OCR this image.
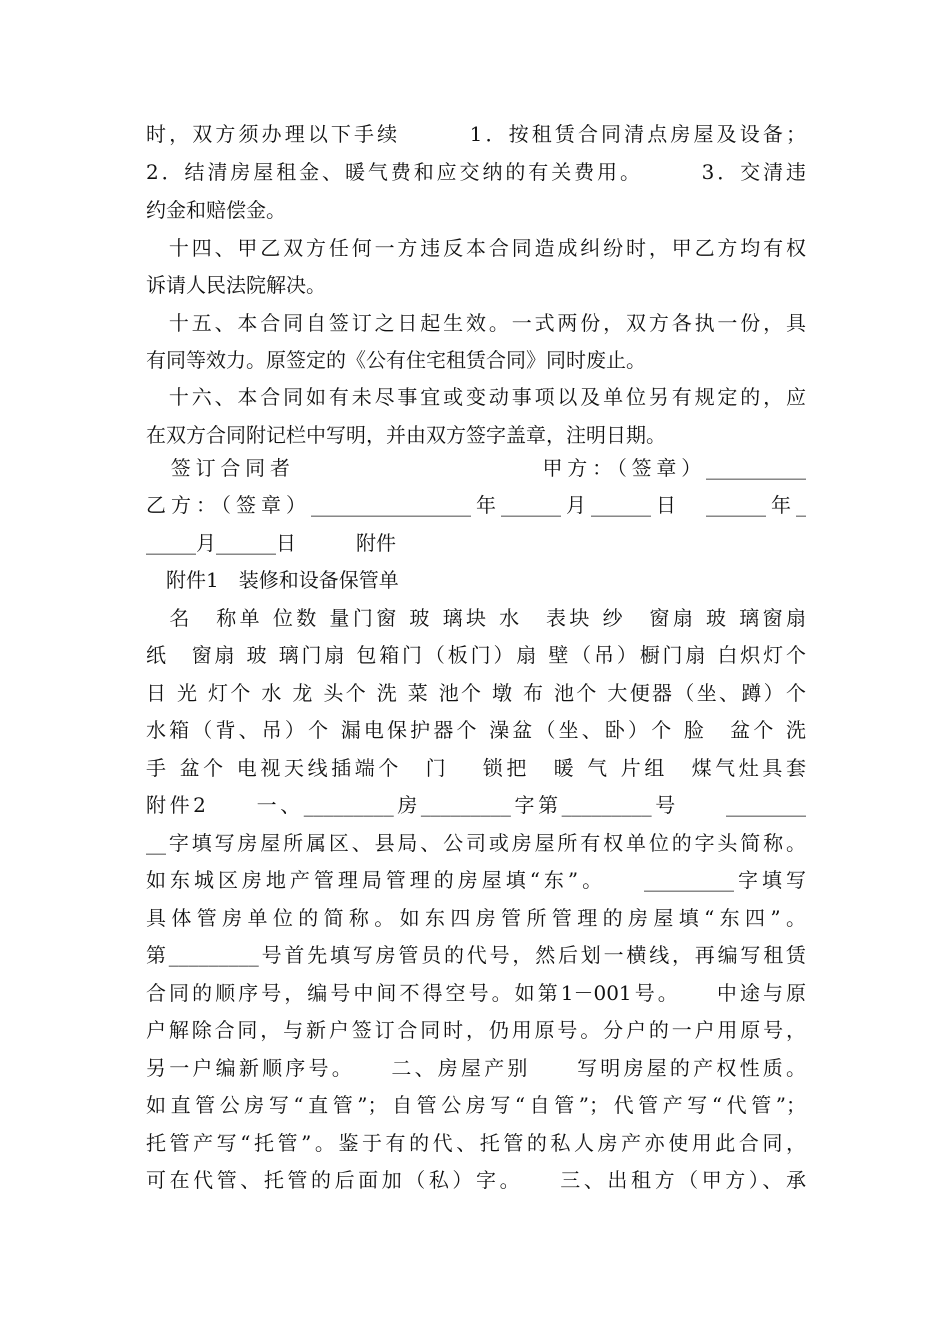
时，双方须办理以下手续　　　1．按租赁合同清点房屋及设备；
2．结清房屋租金、暖气费和应交纳的有关费用。　　　3．交清违
约金和赔偿金。
　十四、甲乙双方任何一方违反本合同造成纠纷时，甲乙方均有权
诉请人民法院解决。
　十五、本合同自签订之日起生效。一式两份，双方各执一份，具
有同等效力。原签定的《公有住宅租赁合同》同时废止。
　十六、本合同如有未尽事宜或变动事项以及单位另有规定的，应
在双方合同附记栏中写明，并由双方签字盖章，注明日期。
　签订合同者　　　　　　　　　　甲方：（签章）__________
乙方：（签章）________________年______月______日　______年_
_____月______日　　　附件
　附件1　装修和设备保管单
　名　称单 位数 量门窗 玻 璃块 水　表块 纱　窗扇 玻 璃窗扇
纸　窗扇 玻 璃门扇 包箱门（板门）扇 壁（吊）橱门扇 白炽灯个
日 光 灯个 水 龙 头个 洗 菜 池个 墩 布 池个 大便器（坐、蹲）个
水箱（背、吊）个 漏电保护器个 澡盆（坐、卧）个 脸　盆个 洗
手 盆个 电视天线插端个　门　 锁把　暖 气 片组　煤气灶具套
附件2　　一、_________房_________字第_________号　　________
__字填写房屋所属区、县局、公司或房屋所有权单位的字头简称。
如东城区房地产管理局管理的房屋填“东”。　　_________字填写
具体管房单位的简称。如东四房管所管理的房屋填“东四”。
第_________号首先填写房管员的代号，然后划一横线，再编写租赁
合同的顺序号，编号中间不得空号。如第1－001号。　　中途与原
户解除合同，与新户签订合同时，仍用原号。分户的一户用原号，
另一户编新顺序号。　　二、房屋产别　　写明房屋的产权性质。
如直管公房写“直管”；自管公房写“自管”；代管产写“代管”；
托管产写“托管”。鉴于有的代、托管的私人房产亦使用此合同，
可在代管、托管的后面加（私）字。　　三、出租方（甲方）、承
